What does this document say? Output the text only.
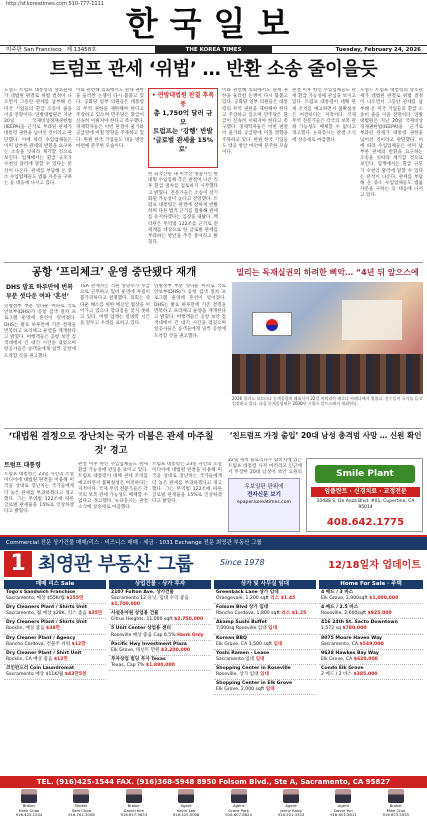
http://sf.koreatimes.com 510-777-1111 한국일보
미주판 San Francisco 제 13458호	THE KOREA TIMES	Tuesday, February 24, 2026
트럼프 관세 ‘위법’ … 반환 소송 줄이을듯
도널드 트럼프 대통령의 상호관세가 대법원 판결로 위법 결정이 나오면서 그동안 관세를 납부해 온 미국 기업들의 환급 소송이 줄을 이을 전망이다. 연방대법원은 지난 20일 국제비상경제권한법(IEEPA)을 근거로 부과된 관세가 대통령 권한을 넘어선 것이라고 판단했다. 이에 따라 수입업체들은 이미 납부한 관세의 반환을 요구하는 소송을 잇따라 제기할 것으로 보인다. 업계에서는 환급 규모가 수천억 달러에 달할 수 있다는 분석이 나온다. 관세를 부담해 온 중소 수입업체들도 법률 자문을 구하는 등 대응에 나서고 있다.
이와 관련해 의회에서도 관세 권한을 둘러싼 논쟁이 다시 불붙고 있다. 공화당 일부 의원들은 대통령의 무역 권한을 제한해야 한다고 주장하고 있으며 민주당은 환급이 신속히 이뤄져야 한다고 촉구했다. 경제학자들은 이번 판결이 물가와 공급망에 미칠 영향을 주목하고 있다. 한편 한국 기업들도 대응 방안 마련에 분주한 모습이다.
• 연방대법원 판결 후폭풍
총 1,750억 달러 규모
트럼프는 ‘강행’ 반발
‘글로벌 관세율 15%로’
한 외국산원 내 미국산 명품사인 한 대형 수입업체 측은 판결이 나온 직후 환급 절차를 검토하기 시작했다고 밝혔다. 전문가들은 소송이 장기화될 가능성이 높다고 전망했다. 트럼프 대통령은 판결에 강하게 반발하며 다른 법적 근거를 활용해 관세를 유지하겠다는 입장을 내놨다. 백악관은 무역법 122조를 근거로 전 세계를 대상으로 한 글로벌 관세를 부과하는 방안을 추진 중이라고 밝혔다.
이와 관련해 의회에서도 관세 권한을 둘러싼 논쟁이 다시 불붙고 있다. 공화당 일부 의원들은 대통령의 무역 권한을 제한해야 한다고 주장하고 있으며 민주당은 환급이 신속히 이뤄져야 한다고 촉구했다. 경제학자들은 이번 판결이 물가와 공급망에 미칠 영향을 주목하고 있다. 한편 한국 기업들도 대응 방안 마련에 분주한 모습이다.
판결 이후 한인 수입업체들도 관세 환급 가능성에 관심을 보이고 있다. 트럼프 대통령이 대체 관세 조치를 예고하면서 불확실성은 여전하다는 지적이다. 국제 무역 전문가들은 각국의 보복 관세 가능성도 배제할 수 없다고 경고했다. 뉴욕증시는 판결 소식에 상승세로 마감했다.
도널드 트럼프 대통령의 상호관세가 대법원 판결로 위법 결정이 나오면서 그동안 관세를 납부해 온 미국 기업들의 환급 소송이 줄을 이을 전망이다. 연방대법원은 지난 20일 국제비상경제권한법(IEEPA)을 근거로 부과된 관세가 대통령 권한을 넘어선 것이라고 판단했다. 이에 따라 수입업체들은 이미 납부한 관세의 반환을 요구하는 소송을 잇따라 제기할 것으로 보인다. 업계에서는 환급 규모가 수천억 달러에 달할 수 있다는 분석이 나온다. 관세를 부담해 온 중소 수입업체들도 법률 자문을 구하는 등 대응에 나서고 있다.
공항 ‘프리체크’ 운영 중단됐다 재개
DHS 발표 하루만에 번복
부분 셧다운 여파 ‘혼선’
연방정부 부분 셧다운 여파로 국토안보부(DHS)가 공항 검색 절차 프로그램 운영에 혼선이 빚어졌다. DHS는 발표 하루만에 기존 결정을 번복하고 프리체크 운영을 재개한다고 밝혔다. 여행객들은 공항 보안 검색대에서 긴 대기 시간을 겪었으며 항공사들은 승객들에게 일찍 공항에 도착할 것을 권고했다.
TSA 관계자는 직원 상당수가 무급으로 근무하고 있어 운영에 차질이 불가피하다고 설명했다. 의회는 셧다운 해소를 위한 예산안 협상을 이어가고 있으나 합의점을 찾지 못하고 있다. 여행 업계는 봄방학 시즌을 앞두고 우려를 표하고 있다.
연방정부 부분 셧다운 여파로 국토안보부(DHS)가 공항 검색 절차 프로그램 운영에 혼선이 빚어졌다. DHS는 발표 하루만에 기존 결정을 번복하고 프리체크 운영을 재개한다고 밝혔다. 여행객들은 공항 보안 검색대에서 긴 대기 시간을 겪었으며 항공사들은 승객들에게 일찍 공항에 도착할 것을 권고했다.
밀리는 독재실권의 하려한 삐악… “4년 뒤 앞으스에
2026 밀라노·코르티나 동계올림픽 폐회식이 22일 이탈리아 베로나 아레나에서 열렸다. 선수들이 국기를 들고 입장하고 있다. 다음 동계올림픽은 2030년 프랑스 알프스에서 개최된다.
‘대법원 결정으로 장난치는 국가 더불은 관세 마주칠것’ 경고
트럼프 대통령
트럼프 대통령은 23일 자신의 소셜미디어에 대법원 판결을 이용해 미국을 상대로 장난치는 국가들에게 더 높은 관세를 부과하겠다고 경고했다. 그는 무역법 122조에 따른 글로벌 관세율을 15%로 인상하겠다고 밝혔다.
판결 이후 한인 수입업체들도 관세 환급 가능성에 관심을 보이고 있다. 트럼프 대통령이 대체 관세 조치를 예고하면서 불확실성은 여전하다는 지적이다. 국제 무역 전문가들은 각국의 보복 관세 가능성도 배제할 수 없다고 경고했다. 뉴욕증시는 판결 소식에 상승세로 마감했다.
트럼프 대통령은 23일 자신의 소셜미디어에 대법원 판결을 이용해 미국을 상대로 장난치는 국가들에게 더 높은 관세를 부과하겠다고 경고했다. 그는 무역법 122조에 따른 글로벌 관세율을 15%로 인상하겠다고 밝혔다.
‘친트럼프 가정 출입’ 20대 남성 총격범 사망 … 신원 확인
22일 새벽 플로리다주 팜비치에 있는 트럼프 대통령 사저 마러라고 인근에서 무장한 20대 남성이 보안 요원의
우보일판 판위에
전자신문 보기
epaper.koreatimes.com
Smile Plant
임플란트 · 신경치료 · 교정전문
10488 S. De Anza Blvd. #01, Cupertino, CA 95014
408.642.1775
Commercial 전문 상가건물 매매/리스 · 비즈니스 매매 · 세금 · 1031 Exchange 전문 최영관 부동산 그룹
1 최영관 부동산 그룹	Since 1978	12/18일자 업데이트
매매 리스 Sale
Togo's Sandwich Franchise
Sacramento, 매상 $55K/월 $155만
Dry Cleaners Plant / Shirts Unit
Sacramento, 월 매상 $28K, 리스 좋음 $35만
Dry Cleaners Plant / Shirts Unit
Rocklin, 매상 좋음 $38만
Dry Cleaner Plant / Agency
Rancho Cordova, 건물주 쉬워 $12만
Dry Cleaner Plant / Shirt Unit
Rocklin, CA 매상 좋음 $12만
코인런드리 Coin Laundromat
Sacramento 매상 $11K/월 $43만5천
상업건물 · 상가 투자
2107 Fulton Ave. 상가건물
Sacramento 12 유닛, 임대 수익 좋음 $1,700,000
사설유아원 상업용 건물
Citrus Heights, 11,000 sqft $2,750,000
5 Unit Center 상업용 센터
Roseville 매상 좋음 Cap 6.5% Hank Only
Pacific Hwy Investment Plaza
Elk Grove, 테넌트 만원 $2,200,000
투자상업 빌딩 투자 Texas
Texas, Cap 7% $1,880,000
상가 및 사무실 임대
Greenback Lane 상가 임대
Orangevale, 1,200 sqft 리스 $1.45
Folsom Blvd 상가 임대
Rancho Cordova, 1,800 sqft 리스 $1.25
Akamp Sushi Buffet
7,000sq Roseville 임대 임대
Korean BBQ
Elk Grove, CA 1,500 sqft 임대
Yoshi Ramen - Lease
Sacramento 임대 임대
Shopping Center in Roseville
Roseville, 상가 임대 임대
Shopping Center in Elk Grove
Elk Grove, 2,000 sqft 임대
Home For Sale · 주택
4 베드 / 3 바스
Elk Grove, 2,900sqft $1,000,000
4 베드 / 2.5 바스
Roseville, 2,600sqft $925,000
416 24th St. Sacto Downtown
1,572 sq $780,000
8075 Moore Haven Way
Sacramento, CA $549,000
9638 Hawkes Bay Way
Elk Grove, CA $620,000
Condo Elk Grove
2 베드 / 2 바스 $385,000
TEL. (916)425-1544 FAX. (916)368-5948 8950 Folsom Blvd., Ste A, Sacramento, CA 95827
Broker
Hank Choe
916.425.1544
Broker
Sam Choe
916.761.1008
Broker
Daniel Kim
916.617.3833
Agent
Kevin Lee
916.425.0008
Agent
Grace Park
916.607.8824
Agent
Jenny Kang
916.501.3303
Agent
David Yun
916.601.2811
Broker
Mike Choi
916.873.5055
